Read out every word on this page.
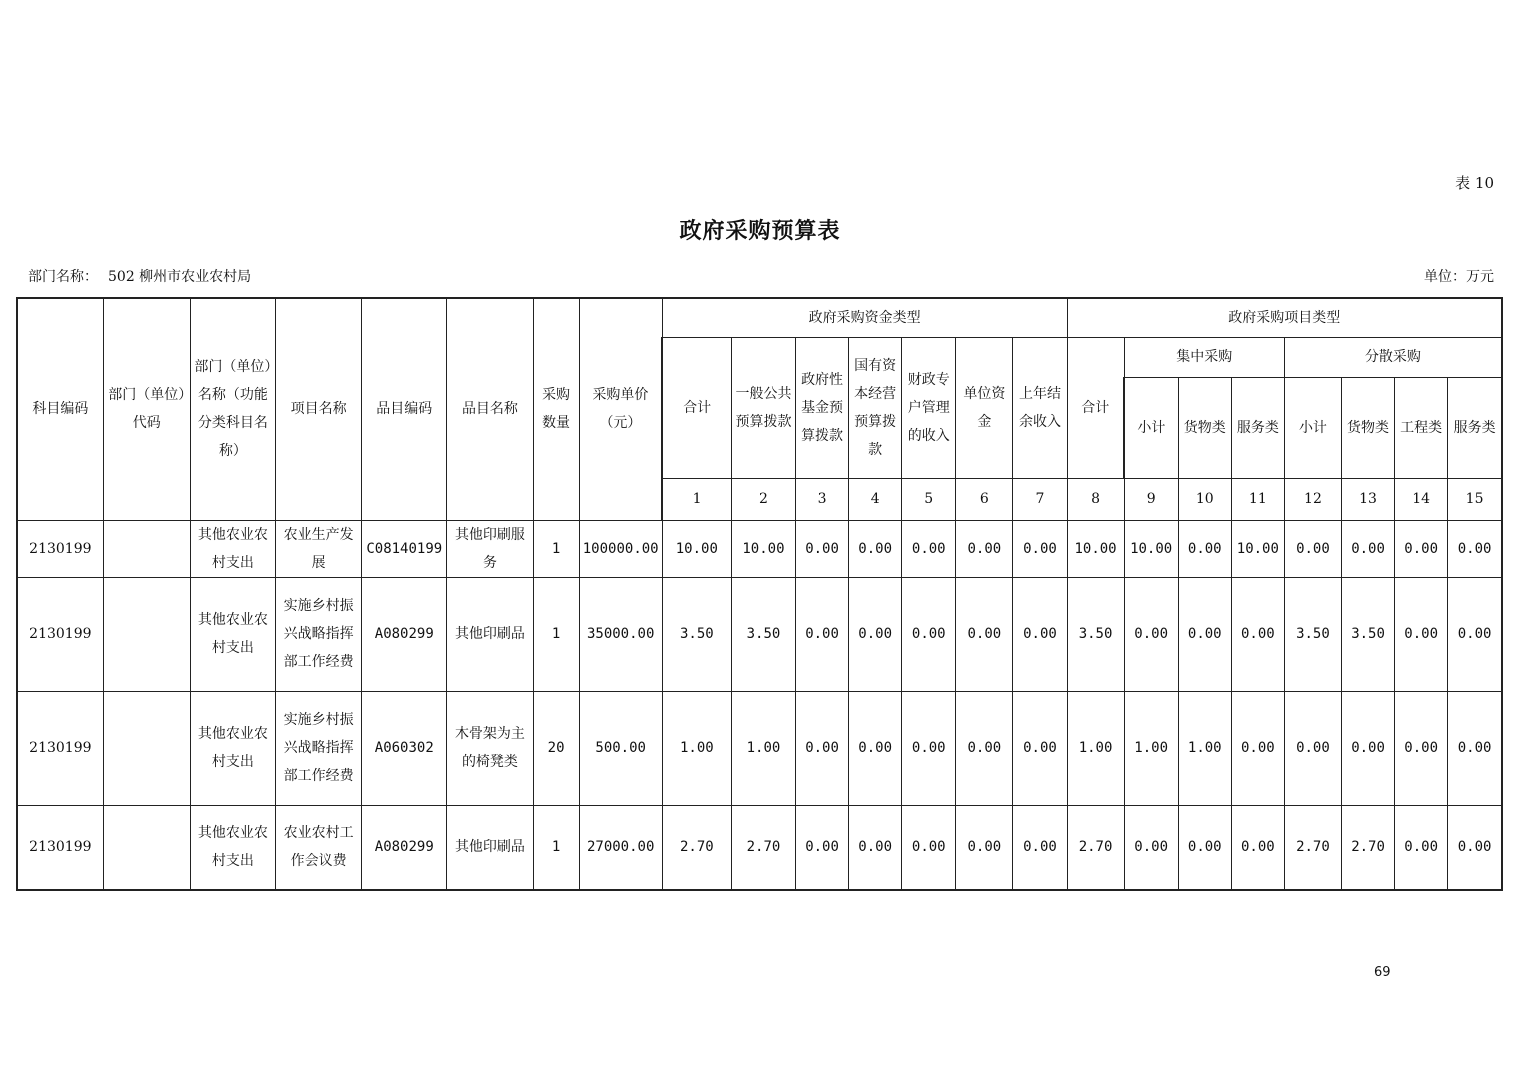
表 10
政府采购预算表
部门名称： 502 柳州市农业农村局	单位：万元
科目编码	部门（单位）代码	部门（单位）名称（功能分类科目名称）	项目名称	品目编码	品目名称	采购数量	采购单价（元）	政府采购资金类型							政府采购项目类型							
								合计	一般公共预算拨款	政府性基金预算拨款	国有资本经营预算拨款	财政专户管理的收入	单位资金	上年结余收入	合计	集中采购			分散采购			
																小计	货物类	服务类	小计	货物类	工程类	服务类
								1	2	3	4	5	6	7	8	9	10	11	12	13	14	15
2130199		其他农业农村支出	农业生产发展	C08140199	其他印刷服务	1	100000.00	10.00	10.00	0.00	0.00	0.00	0.00	0.00	10.00	10.00	0.00	10.00	0.00	0.00	0.00	0.00
2130199		其他农业农村支出	实施乡村振兴战略指挥部工作经费	A080299	其他印刷品	1	35000.00	3.50	3.50	0.00	0.00	0.00	0.00	0.00	3.50	0.00	0.00	0.00	3.50	3.50	0.00	0.00
2130199		其他农业农村支出	实施乡村振兴战略指挥部工作经费	A060302	木骨架为主的椅凳类	20	500.00	1.00	1.00	0.00	0.00	0.00	0.00	0.00	1.00	1.00	1.00	0.00	0.00	0.00	0.00	0.00
2130199		其他农业农村支出	农业农村工作会议费	A080299	其他印刷品	1	27000.00	2.70	2.70	0.00	0.00	0.00	0.00	0.00	2.70	0.00	0.00	0.00	2.70	2.70	0.00	0.00
69
